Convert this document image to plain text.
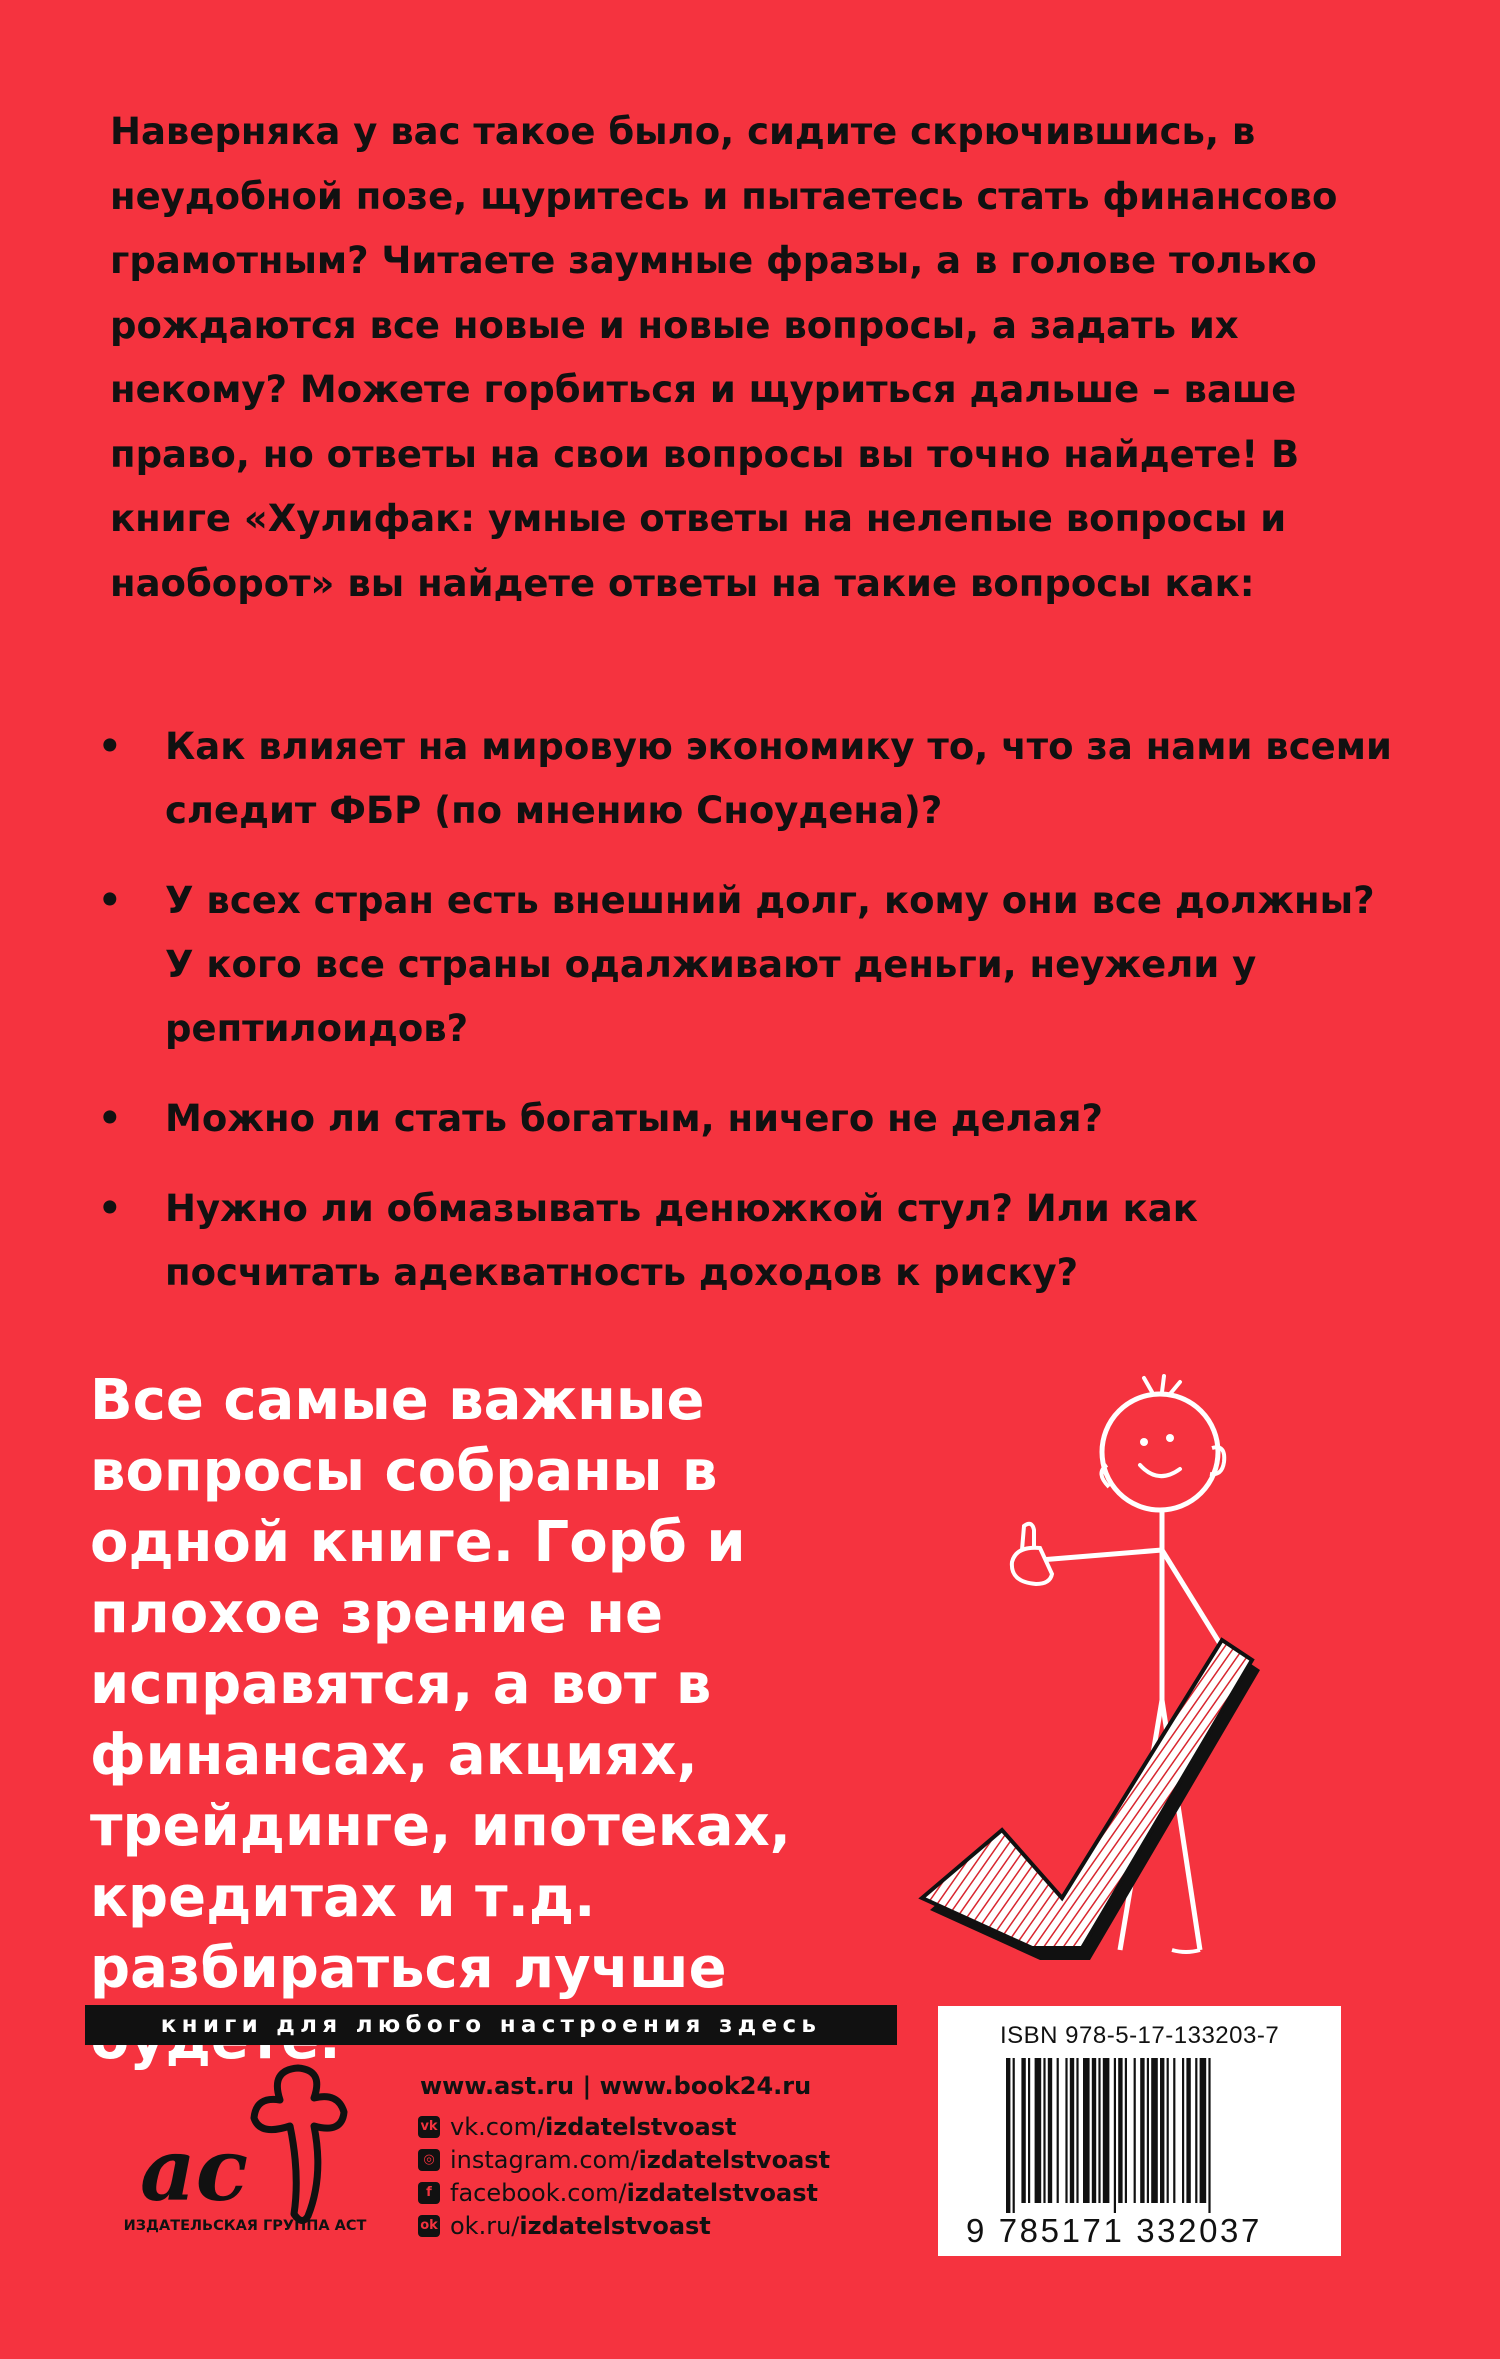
Наверняка у вас такое было, сидите скрючившись, в неудобной позе, щуритесь и пытаетесь стать финансово грамотным? Читаете заумные фразы, а в голове только рождаются все новые и новые вопросы, а задать их некому? Можете горбиться и щуриться дальше – ваше право, но ответы на свои вопросы вы точно найдете! В книге «Хулифак: умные ответы на нелепые вопросы и наоборот» вы найдете ответы на такие вопросы как:
• Как влияет на мировую экономику то, что за нами всеми следит ФБР (по мнению Сноудена)?
• У всех стран есть внешний долг, кому они все должны? У кого все страны одалживают деньги, неужели у рептилоидов?
• Можно ли стать богатым, ничего не делая?
• Нужно ли обмазывать денюжкой стул? Или как посчитать адекватность доходов к риску?
Все самые важные вопросы собраны в одной книге. Горб и плохое зрение не исправятся, а вот в финансах, акциях, трейдинге, ипотеках, кредитах и т.д. разбираться лучше
книги для любого настроения здесь
ас
ИЗДАТЕЛЬСКАЯ ГРУППА АСТ
www.ast.ru | www.book24.ru
vk vk.com/izdatelstvoast
◎ instagram.com/izdatelstvoast
f facebook.com/izdatelstvoast
ok ok.ru/izdatelstvoast
ISBN 978-5-17-133203-7
9 785171 332037
